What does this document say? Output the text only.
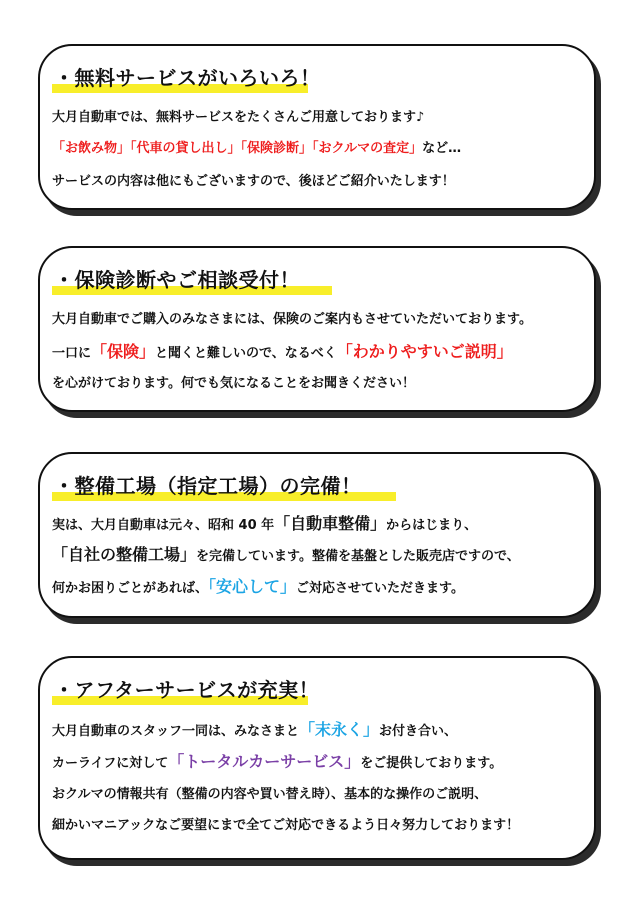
・無料サービスがいろいろ！
大月自動車では、無料サービスをたくさんご用意しております♪
「お飲み物」「代車の貸し出し」「保険診断」「おクルマの査定」など…
サービスの内容は他にもございますので、後ほどご紹介いたします！
・保険診断やご相談受付！
大月自動車でご購入のみなさまには、保険のご案内もさせていただいております。
一口に「保険」と聞くと難しいので、なるべく「わかりやすいご説明」
を心がけております。何でも気になることをお聞きください！
・整備工場（指定工場）の完備！
実は、大月自動車は元々、昭和 40 年「自動車整備」からはじまり、
「自社の整備工場」を完備しています。整備を基盤とした販売店ですので、
何かお困りごとがあれば、「安心して」ご対応させていただきます。
・アフターサービスが充実！
大月自動車のスタッフ一同は、みなさまと「末永く」お付き合い、
カーライフに対して「トータルカーサービス」をご提供しております。
おクルマの情報共有（整備の内容や買い替え時）、基本的な操作のご説明、
細かいマニアックなご要望にまで全てご対応できるよう日々努力しております！
